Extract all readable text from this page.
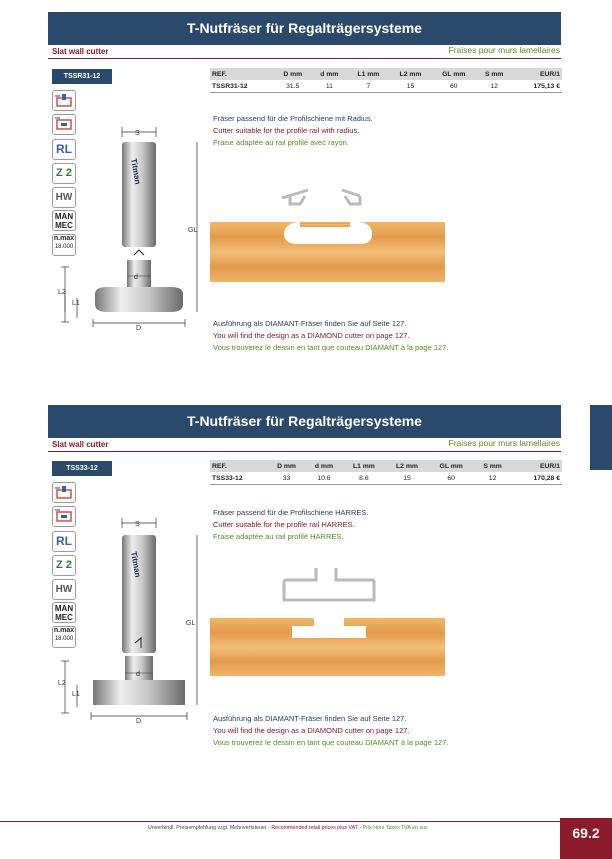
T-Nutfräser für Regalträgersysteme
Slat wall cutter	Fraises pour murs lamellaires
TSSR31-12	REF.	D mm	d mm	L1 mm	L2 mm	GL mm	S mm	EUR/1
TSSR31-12	31.5	11	7	15	60	12	175,13 €
RL
Z 2
HW
MAN
MEC
n.max
18.000
S
Titman
d
GL
L2
L1
D
Fräser passend für die Profilschiene mit Radius.
Cutter suitable for the profile rail with radius.
Fraise adaptée au rail profilé avec rayon.
Ausführung als DIAMANT-Fräser finden Sie auf Seite 127.
You will find the design as a DIAMOND cutter on page 127.
Vous trouverez le dessin en tant que couteau DIAMANT à la page 127.
T-Nutfräser für Regalträgersysteme
Slat wall cutter	Fraises pour murs lamellaires
TSS33-12	REF.	D mm	d mm	L1 mm	L2 mm	GL mm	S mm	EUR/1
TSS33-12	33	10.6	8.6	15	60	12	170,28 €
RL
Z 2
HW
MAN
MEC
n.max
18.000
S
Titman
d
GL
L2
L1
D
Fräser passend für die Profilschiene HARRES.
Cutter suitable for the profile rail HARRES.
Fraise adaptée au rail profilé HARRES.
Ausführung als DIAMANT-Fräser finden Sie auf Seite 127.
You will find the design as a DIAMOND cutter on page 127.
Vous trouverez le dessin en tant que couteau DIAMANT à la page 127.
Unverbindl. Preisempfehlung zzgl. Mehrwertsteuer - Recommended retail prices plus VAT - Prix Hors Taxes TVA en sus	69.2
